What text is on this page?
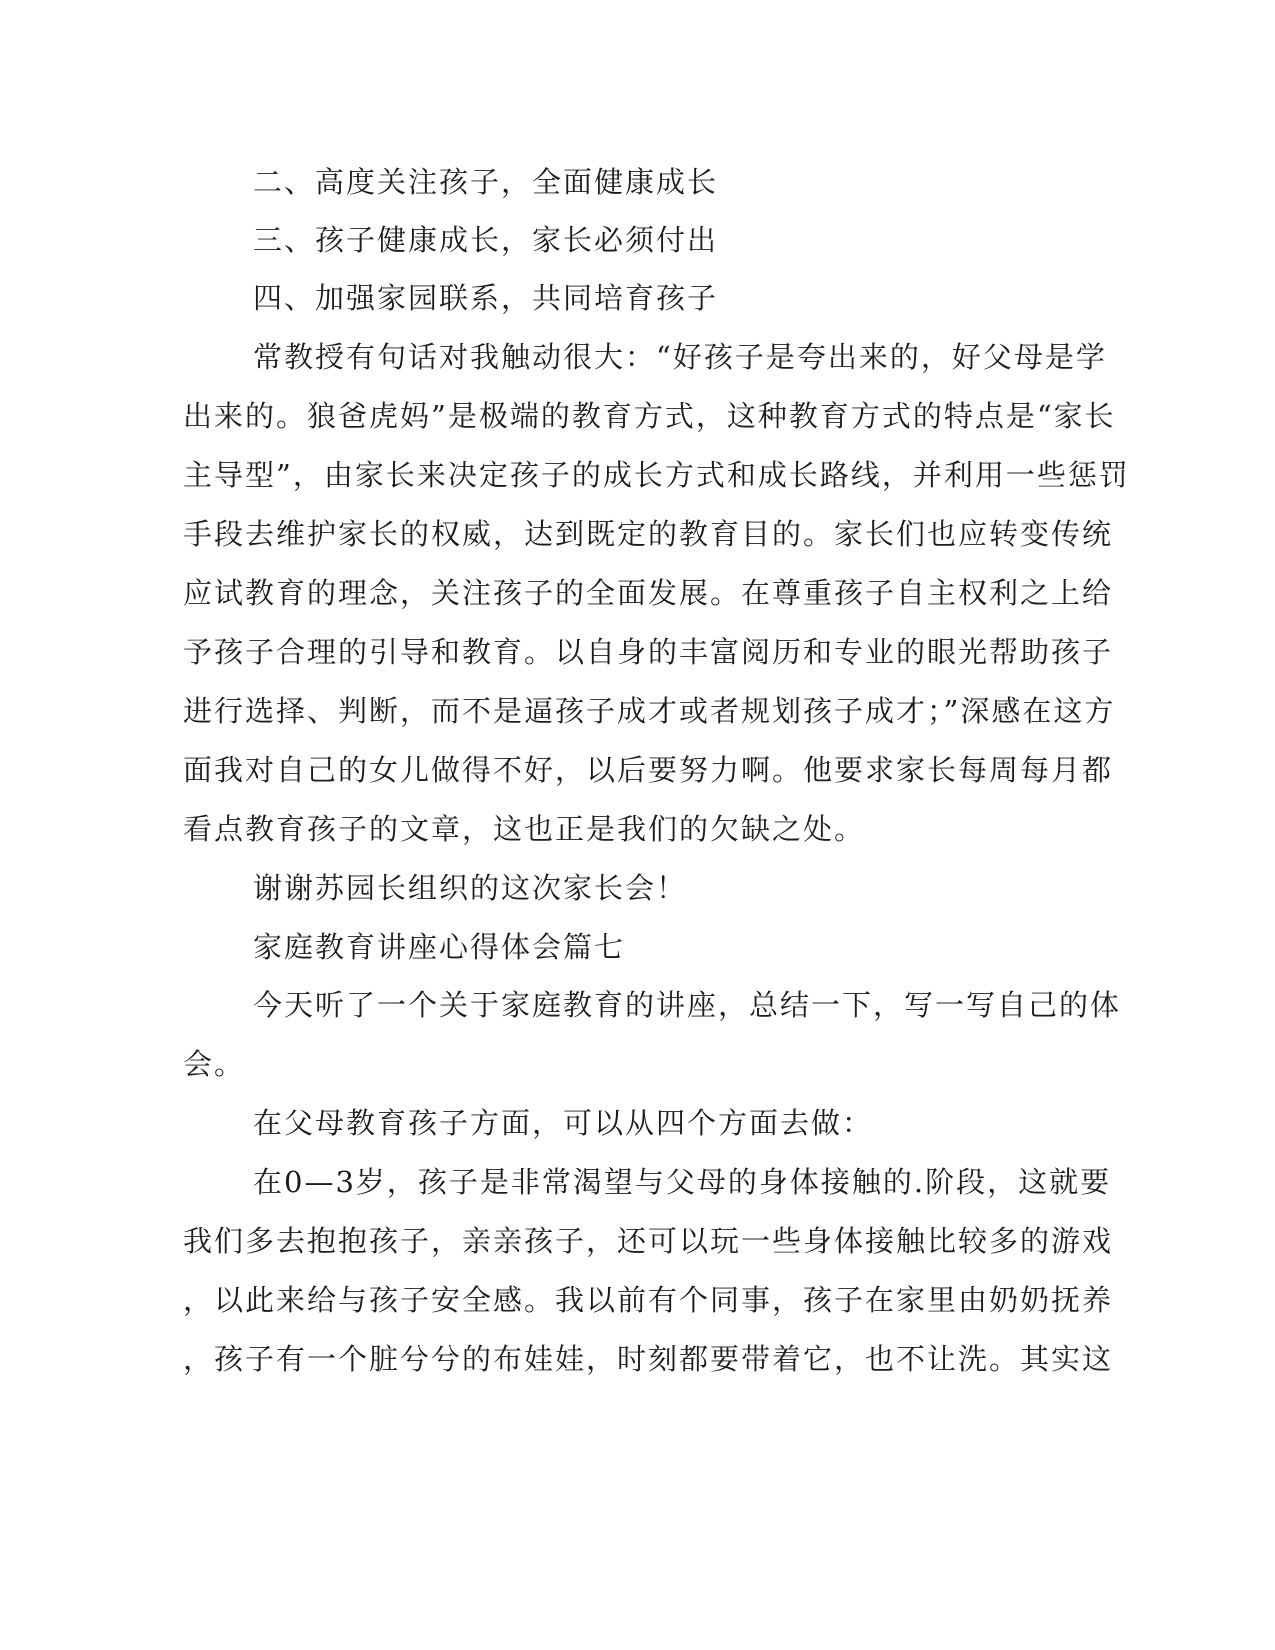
二、高度关注孩子，全面健康成长
三、孩子健康成长，家长必须付出
四、加强家园联系，共同培育孩子
常教授有句话对我触动很大：“好孩子是夸出来的，好父母是学
出来的。狼爸虎妈”是极端的教育方式，这种教育方式的特点是“家长
主导型”，由家长来决定孩子的成长方式和成长路线，并利用一些惩罚
手段去维护家长的权威，达到既定的教育目的。家长们也应转变传统
应试教育的理念，关注孩子的全面发展。在尊重孩子自主权利之上给
予孩子合理的引导和教育。以自身的丰富阅历和专业的眼光帮助孩子
进行选择、判断，而不是逼孩子成才或者规划孩子成才；”深感在这方
面我对自己的女儿做得不好，以后要努力啊。他要求家长每周每月都
看点教育孩子的文章，这也正是我们的欠缺之处。
谢谢苏园长组织的这次家长会！
家庭教育讲座心得体会篇七
今天听了一个关于家庭教育的讲座，总结一下，写一写自己的体
会。
在父母教育孩子方面，可以从四个方面去做：
在0—3岁，孩子是非常渴望与父母的身体接触的.阶段，这就要
我们多去抱抱孩子，亲亲孩子，还可以玩一些身体接触比较多的游戏
，以此来给与孩子安全感。我以前有个同事，孩子在家里由奶奶抚养
，孩子有一个脏兮兮的布娃娃，时刻都要带着它，也不让洗。其实这
